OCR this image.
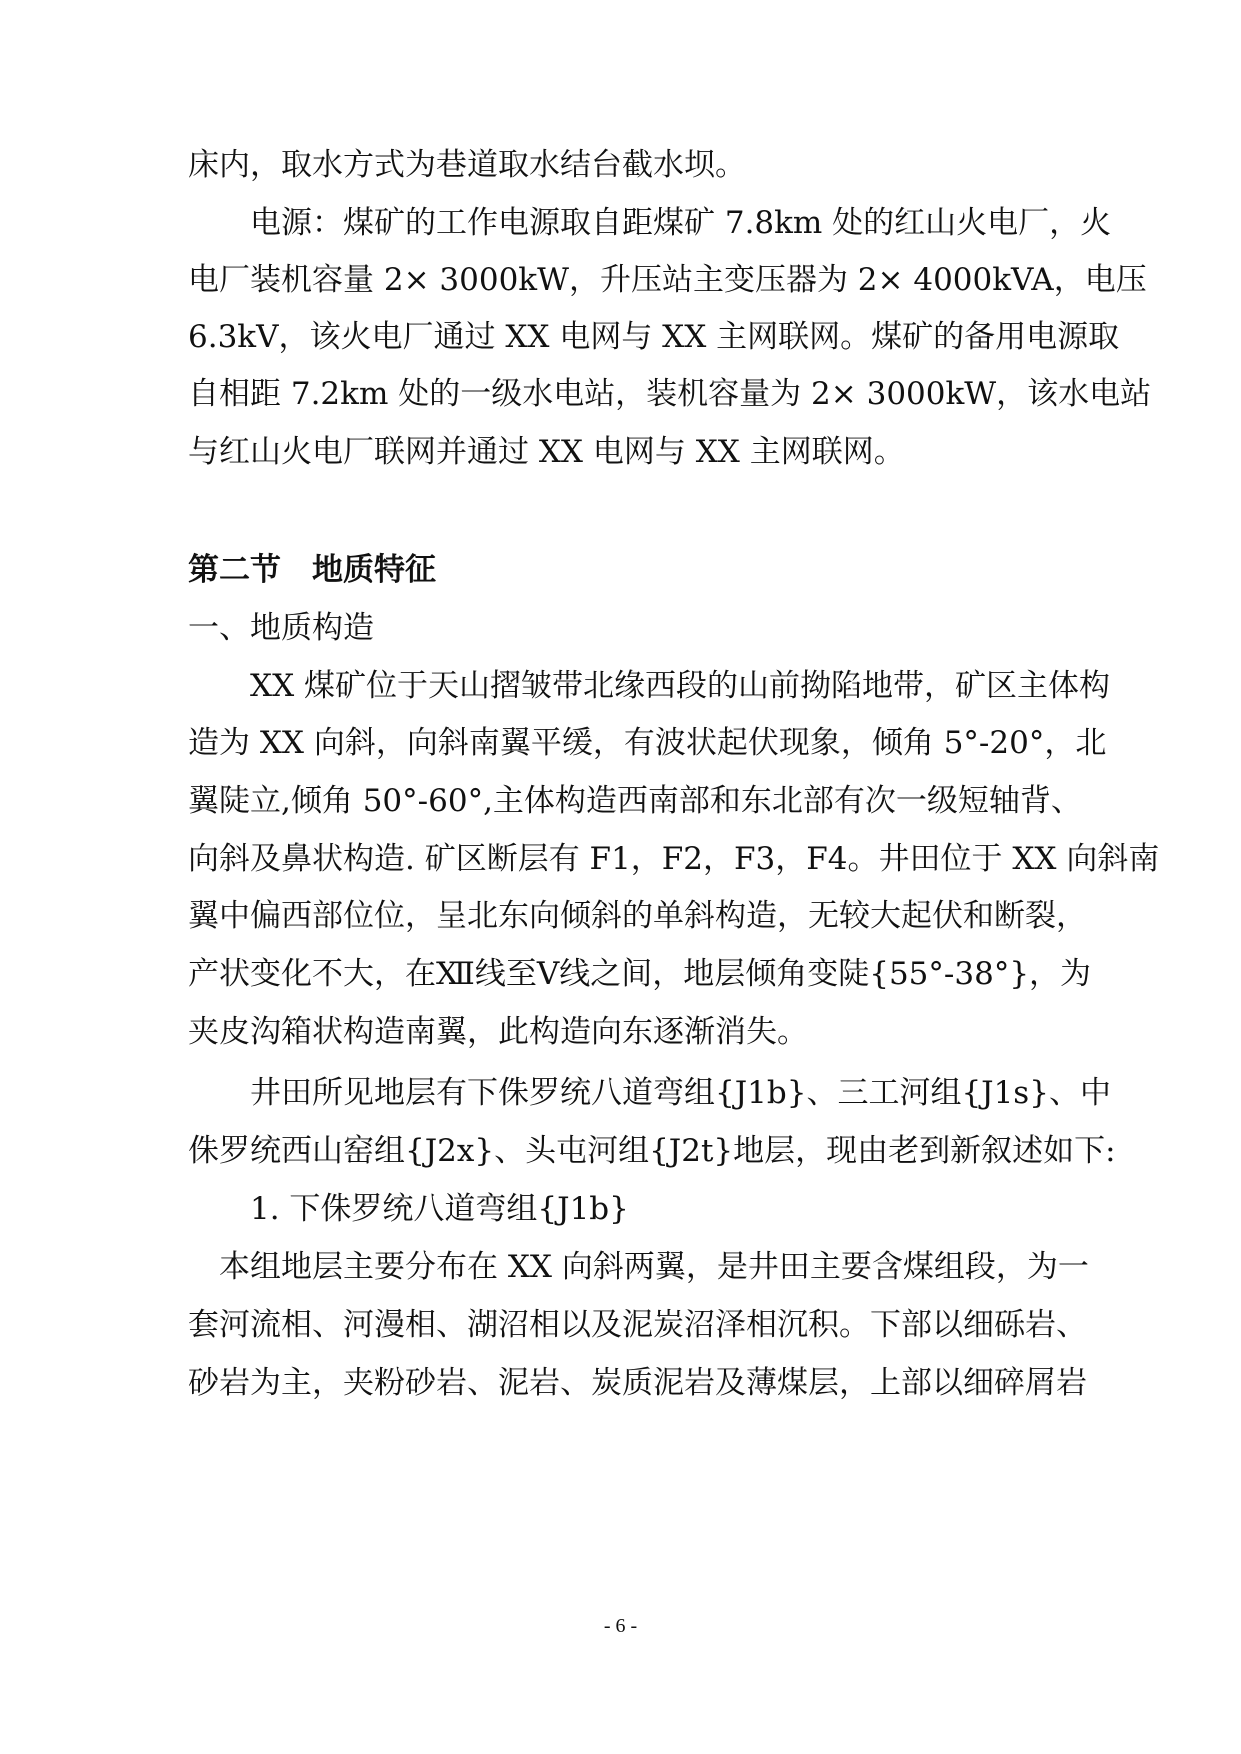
床内，取水方式为巷道取水结台截水坝。
　　电源：煤矿的工作电源取自距煤矿 7.8km 处的红山火电厂，火
电厂装机容量 2× 3000kW，升压站主变压器为 2× 4000kVA，电压
6.3kV，该火电厂通过 XX 电网与 XX 主网联网。煤矿的备用电源取
自相距 7.2km 处的一级水电站，装机容量为 2× 3000kW，该水电站
与红山火电厂联网并通过 XX 电网与 XX 主网联网。
第二节　地质特征
一、地质构造
　　XX 煤矿位于天山摺皱带北缘西段的山前拗陷地带，矿区主体构
造为 XX 向斜，向斜南翼平缓，有波状起伏现象，倾角 5°-20°，北
翼陡立,倾角 50°-60°,主体构造西南部和东北部有次一级短轴背、
向斜及鼻状构造. 矿区断层有 F1，F2，F3，F4。井田位于 XX 向斜南
翼中偏西部位位，呈北东向倾斜的单斜构造，无较大起伏和断裂，
产状变化不大，在Ⅻ线至Ⅴ线之间，地层倾角变陡{55°-38°}，为
夹皮沟箱状构造南翼，此构造向东逐渐消失。
　　井田所见地层有下侏罗统八道弯组{J1b}、三工河组{J1s}、中
侏罗统西山窑组{J2x}、头屯河组{J2t}地层，现由老到新叙述如下:
　　1. 下侏罗统八道弯组{J1b}
　本组地层主要分布在 XX 向斜两翼，是井田主要含煤组段，为一
套河流相、河漫相、湖沼相以及泥炭沼泽相沉积。下部以细砾岩、
砂岩为主，夹粉砂岩、泥岩、炭质泥岩及薄煤层，上部以细碎屑岩
- 6 -
